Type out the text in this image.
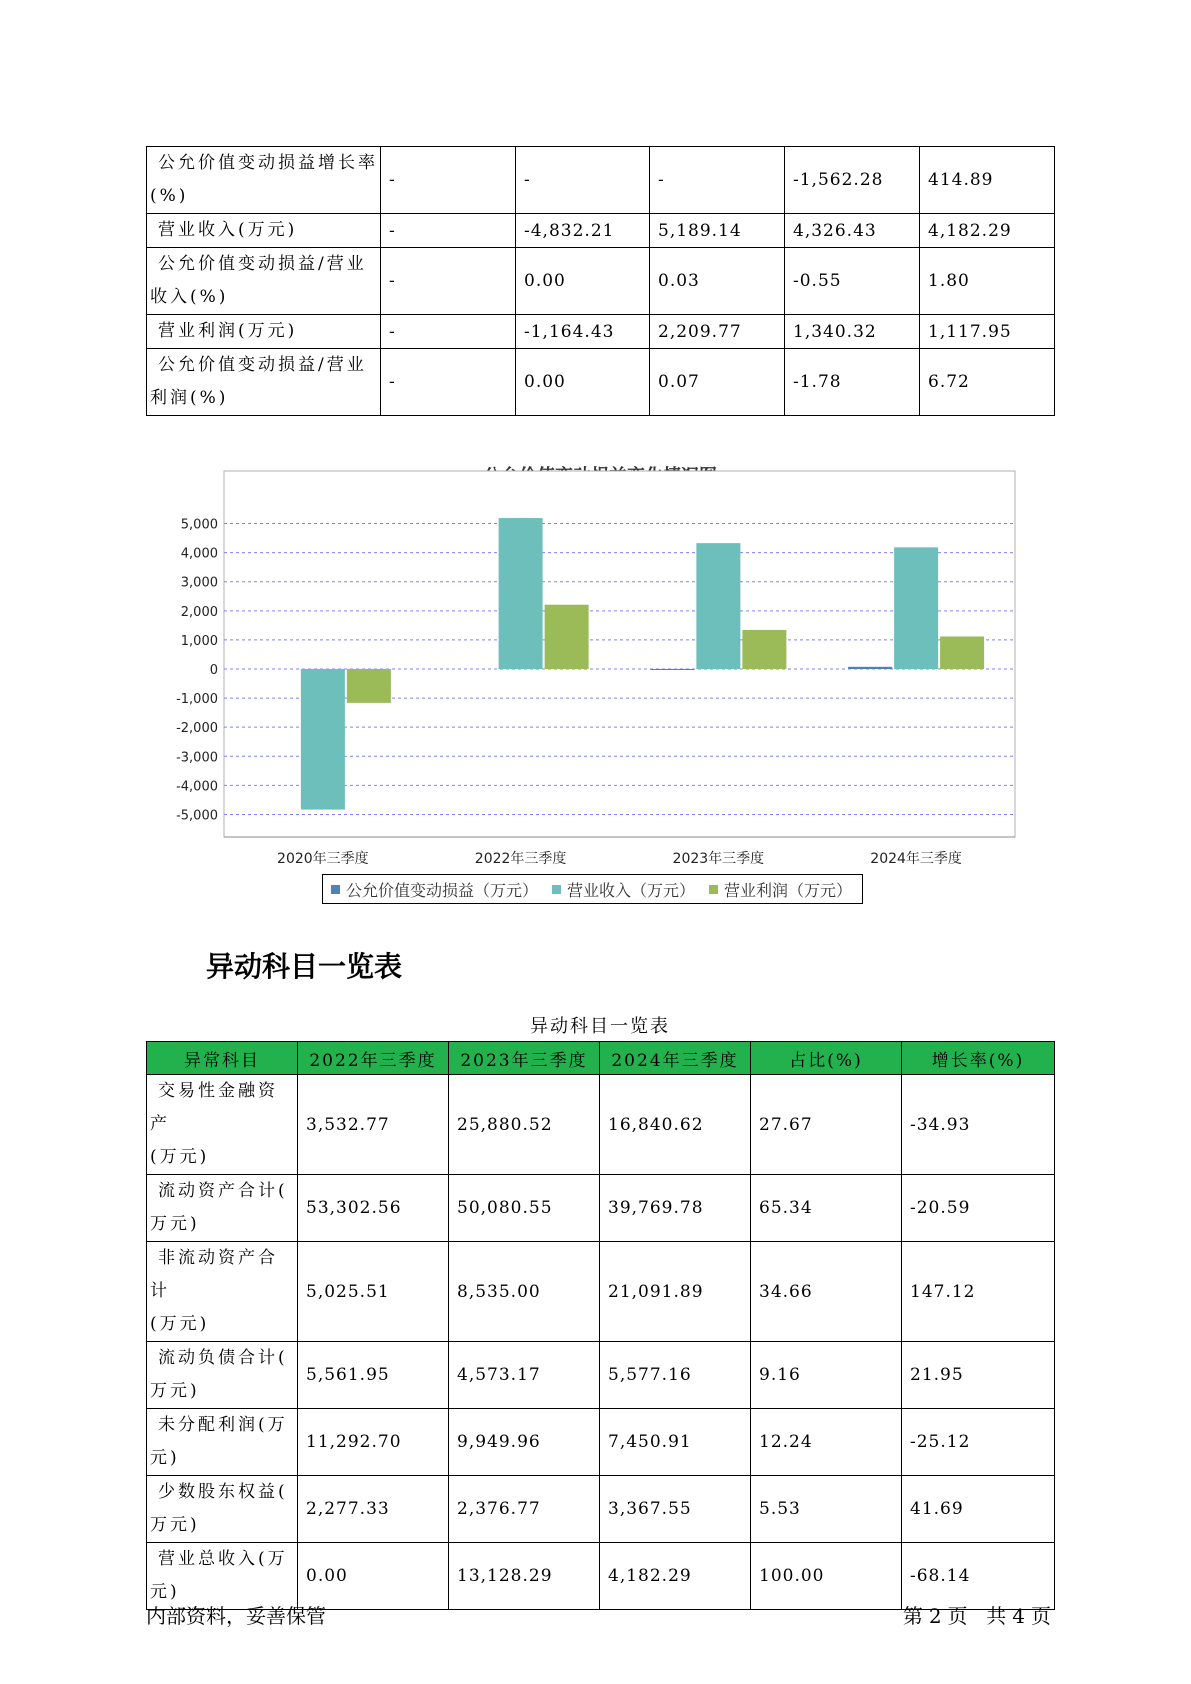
公允价值变动损益增长率
(%)	-	-	-	-1,562.28	414.89
营业收入(万元)	-	-4,832.21	5,189.14	4,326.43	4,182.29
公允价值变动损益/营业
收入(%)	-	0.00	0.03	-0.55	1.80
营业利润(万元)	-	-1,164.43	2,209.77	1,340.32	1,117.95
公允价值变动损益/营业
利润(%)	-	0.00	0.07	-1.78	6.72
5,000
4,000
3,000
2,000
1,000
0
-1,000
-2,000
-3,000
-4,000
-5,000
2020年三季度	2022年三季度	2023年三季度	2024年三季度
公允价值变动损益（万元） 营业收入（万元） 营业利润（万元）
异动科目一览表
异动科目一览表
异常科目	2022年三季度	2023年三季度	2024年三季度	占比(%)	增长率(%)
交易性金融资产
(万元)	3,532.77	25,880.52	16,840.62	27.67	-34.93
流动资产合计(
万元)	53,302.56	50,080.55	39,769.78	65.34	-20.59
非流动资产合计
(万元)	5,025.51	8,535.00	21,091.89	34.66	147.12
流动负债合计(
万元)	5,561.95	4,573.17	5,577.16	9.16	21.95
未分配利润(万
元)	11,292.70	9,949.96	7,450.91	12.24	-25.12
少数股东权益(
万元)	2,277.33	2,376.77	3,367.55	5.53	41.69
营业总收入(万
元)	0.00	13,128.29	4,182.29	100.00	-68.14
内部资料，妥善保管	第 2 页 共 4 页
